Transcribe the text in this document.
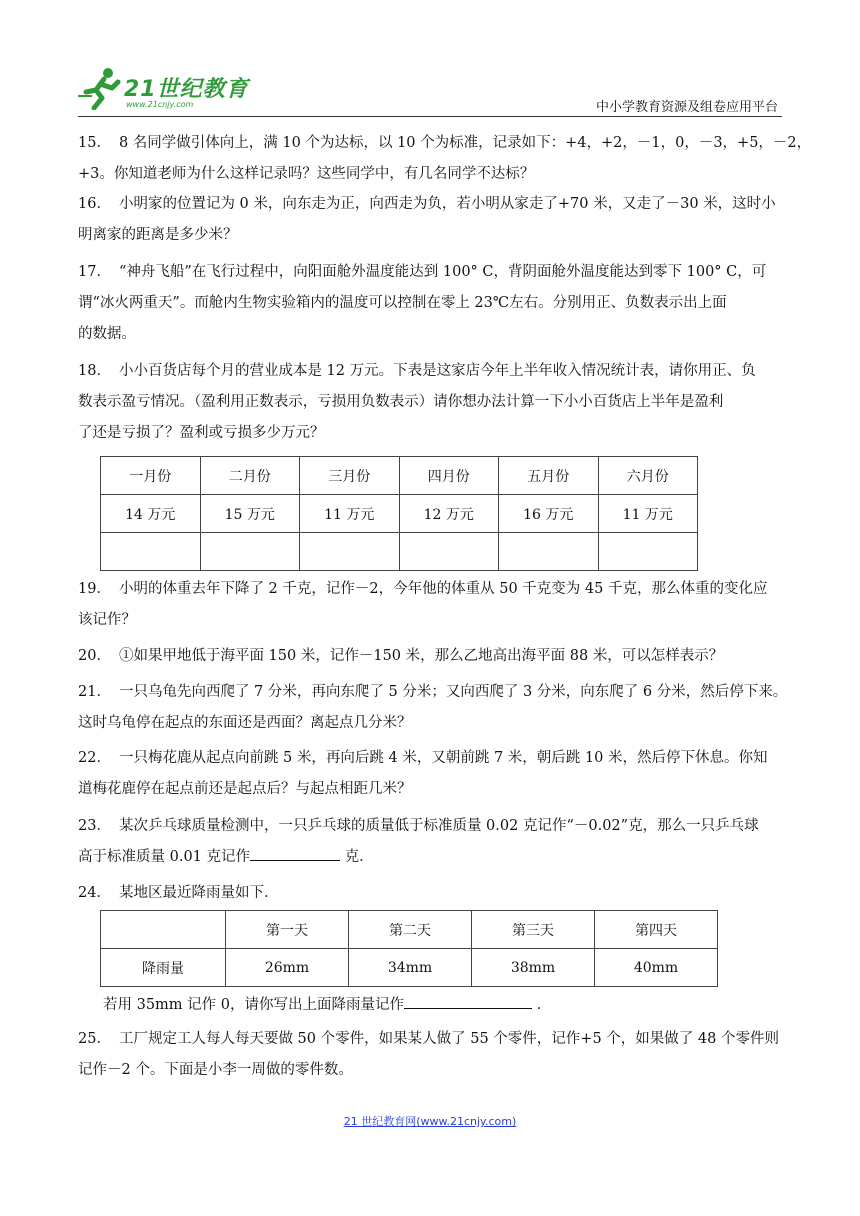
21世纪教育
www.21cnjy.com	中小学教育资源及组卷应用平台
15． 8 名同学做引体向上，满 10 个为达标，以 10 个为标准，记录如下：+4，+2，－1，0，－3，+5，－2，
+3。你知道老师为什么这样记录吗？这些同学中，有几名同学不达标？
16． 小明家的位置记为 0 米，向东走为正，向西走为负，若小明从家走了+70 米，又走了－30 米，这时小
明离家的距离是多少米？
17． “神舟飞船”在飞行过程中，向阳面舱外温度能达到 100° C，背阴面舱外温度能达到零下 100° C，可
谓“冰火两重天”。而舱内生物实验箱内的温度可以控制在零上 23℃左右。分别用正、负数表示出上面
的数据。
18． 小小百货店每个月的营业成本是 12 万元。下表是这家店今年上半年收入情况统计表，请你用正、负
数表示盈亏情况。（盈利用正数表示，亏损用负数表示）请你想办法计算一下小小百货店上半年是盈利
了还是亏损了？盈利或亏损多少万元？
一月份	二月份	三月份	四月份	五月份	六月份
14 万元	15 万元	11 万元	12 万元	16 万元	11 万元

19． 小明的体重去年下降了 2 千克，记作－2，今年他的体重从 50 千克变为 45 千克，那么体重的变化应
该记作？
20． ①如果甲地低于海平面 150 米，记作－150 米，那么乙地高出海平面 88 米，可以怎样表示？
21． 一只乌龟先向西爬了 7 分米，再向东爬了 5 分米；又向西爬了 3 分米，向东爬了 6 分米，然后停下来。
这时乌龟停在起点的东面还是西面？离起点几分米？
22． 一只梅花鹿从起点向前跳 5 米，再向后跳 4 米，又朝前跳 7 米，朝后跳 10 米，然后停下休息。你知
道梅花鹿停在起点前还是起点后？与起点相距几米？
23． 某次乒乓球质量检测中，一只乒乓球的质量低于标准质量 0.02 克记作“－0.02”克，那么一只乒乓球
高于标准质量 0.01 克记作	克．
24． 某地区最近降雨量如下．
	第一天	第二天	第三天	第四天
降雨量	26mm	34mm	38mm	40mm
若用 35mm 记作 0，请你写出上面降雨量记作	．
25． 工厂规定工人每人每天要做 50 个零件，如果某人做了 55 个零件，记作+5 个，如果做了 48 个零件则
记作－2 个。下面是小李一周做的零件数。
21 世纪教育网(www.21cnjy.com)
